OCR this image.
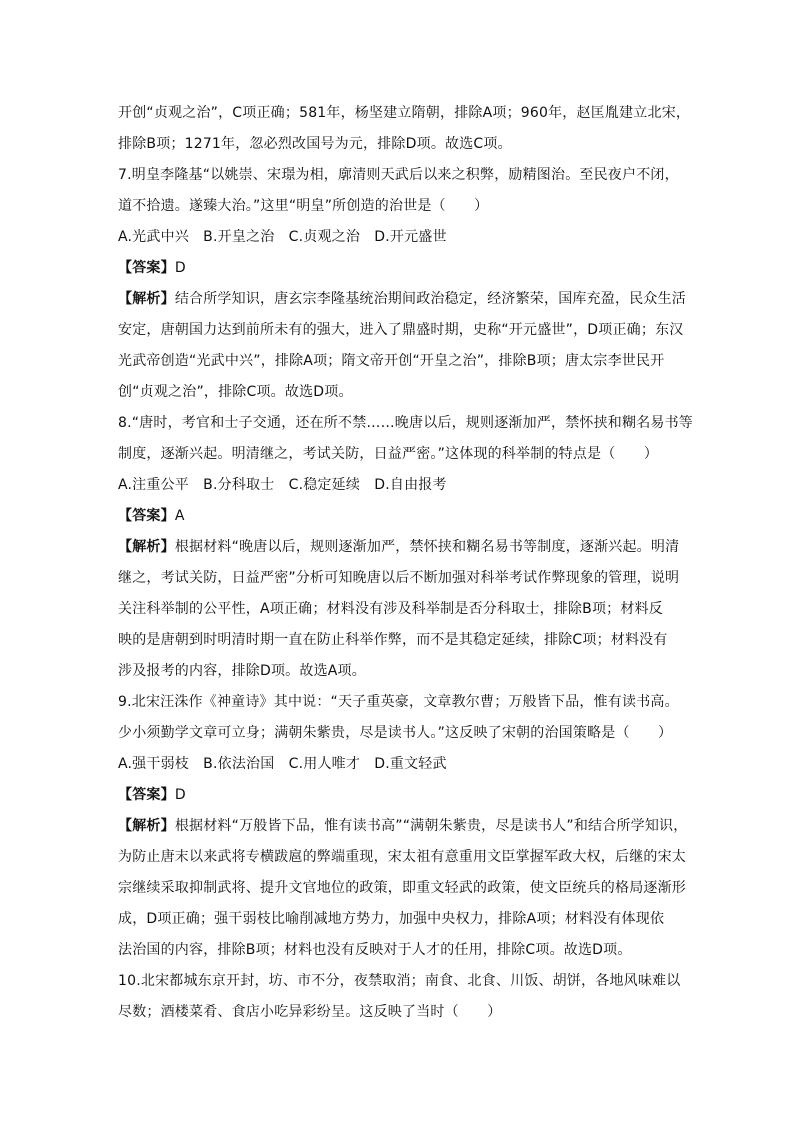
开创“贞观之治”，C项正确；581年，杨坚建立隋朝，排除A项；960年，赵匡胤建立北宋，
排除B项；1271年，忽必烈改国号为元，排除D项。故选C项。
7.明皇李隆基“以姚崇、宋璟为相，廓清则天武后以来之积弊，励精图治。至民夜户不闭，
道不拾遗。遂臻大治。”这里“明皇”所创造的治世是（　　）
A.光武中兴　B.开皇之治　C.贞观之治　D.开元盛世
【答案】D
【解析】结合所学知识，唐玄宗李隆基统治期间政治稳定，经济繁荣，国库充盈，民众生活
安定，唐朝国力达到前所未有的强大，进入了鼎盛时期，史称“开元盛世”，D项正确；东汉
光武帝创造“光武中兴”，排除A项；隋文帝开创“开皇之治”，排除B项；唐太宗李世民开
创“贞观之治”，排除C项。故选D项。
8.“唐时，考官和士子交通，还在所不禁……晚唐以后，规则逐渐加严，禁怀挟和糊名易书等
制度，逐渐兴起。明清继之，考试关防，日益严密。”这体现的科举制的特点是（　　）
A.注重公平　B.分科取士　C.稳定延续　D.自由报考
【答案】A
【解析】根据材料“晚唐以后，规则逐渐加严，禁怀挟和糊名易书等制度，逐渐兴起。明清
继之，考试关防，日益严密”分析可知晚唐以后不断加强对科举考试作弊现象的管理，说明
关注科举制的公平性，A项正确；材料没有涉及科举制是否分科取士，排除B项；材料反
映的是唐朝到时明清时期一直在防止科举作弊，而不是其稳定延续，排除C项；材料没有
涉及报考的内容，排除D项。故选A项。
9.北宋汪洙作《神童诗》其中说：“天子重英豪，文章教尔曹；万般皆下品，惟有读书高。
少小须勤学文章可立身；满朝朱紫贵，尽是读书人。”这反映了宋朝的治国策略是（　　）
A.强干弱枝　B.依法治国　C.用人唯才　D.重文轻武
【答案】D
【解析】根据材料“万般皆下品，惟有读书高”“满朝朱紫贵，尽是读书人”和结合所学知识，
为防止唐末以来武将专横跋扈的弊端重现，宋太祖有意重用文臣掌握军政大权，后继的宋太
宗继续采取抑制武将、提升文官地位的政策，即重文轻武的政策，使文臣统兵的格局逐渐形
成，D项正确；强干弱枝比喻削减地方势力，加强中央权力，排除A项；材料没有体现依
法治国的内容，排除B项；材料也没有反映对于人才的任用，排除C项。故选D项。
10.北宋都城东京开封，坊、市不分，夜禁取消；南食、北食、川饭、胡饼，各地风味难以
尽数；酒楼菜肴、食店小吃异彩纷呈。这反映了当时（　　）
